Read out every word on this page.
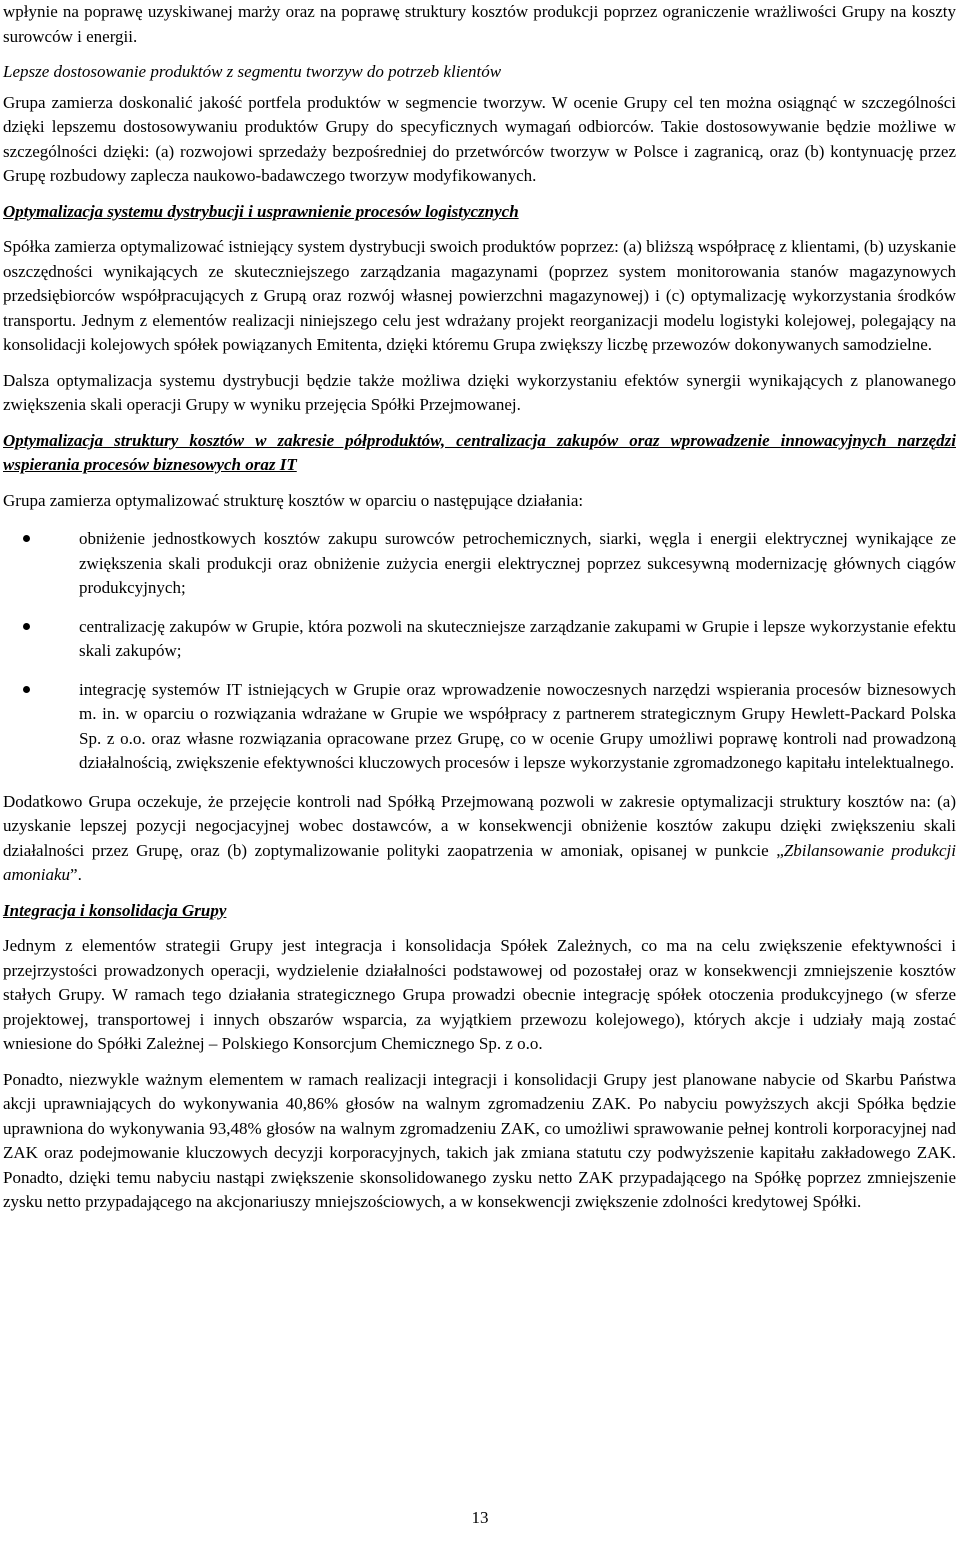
wpłynie na poprawę uzyskiwanej marży oraz na poprawę struktury kosztów produkcji poprzez ograniczenie wrażliwości Grupy na koszty surowców i energii.

Lepsze dostosowanie produktów z segmentu tworzyw do potrzeb klientów

Grupa zamierza doskonalić jakość portfela produktów w segmencie tworzyw. W ocenie Grupy cel ten można osiągnąć w szczególności dzięki lepszemu dostosowywaniu produktów Grupy do specyficznych wymagań odbiorców. Takie dostosowywanie będzie możliwe w szczególności dzięki: (a) rozwojowi sprzedaży bezpośredniej do przetwórców tworzyw w Polsce i zagranicą, oraz (b) kontynuację przez Grupę rozbudowy zaplecza naukowo-badawczego tworzyw modyfikowanych.

Optymalizacja systemu dystrybucji i usprawnienie procesów logistycznych

Spółka zamierza optymalizować istniejący system dystrybucji swoich produktów poprzez: (a) bliższą współpracę z klientami, (b) uzyskanie oszczędności wynikających ze skuteczniejszego zarządzania magazynami (poprzez system monitorowania stanów magazynowych przedsiębiorców współpracujących z Grupą oraz rozwój własnej powierzchni magazynowej) i (c) optymalizację wykorzystania środków transportu. Jednym z elementów realizacji niniejszego celu jest wdrażany projekt reorganizacji modelu logistyki kolejowej, polegający na konsolidacji kolejowych spółek powiązanych Emitenta, dzięki któremu Grupa zwiększy liczbę przewozów dokonywanych samodzielne.

Dalsza optymalizacja systemu dystrybucji będzie także możliwa dzięki wykorzystaniu efektów synergii wynikających z planowanego zwiększenia skali operacji Grupy w wyniku przejęcia Spółki Przejmowanej.

Optymalizacja struktury kosztów w zakresie półproduktów, centralizacja zakupów oraz wprowadzenie innowacyjnych narzędzi wspierania procesów biznesowych oraz IT

Grupa zamierza optymalizować strukturę kosztów w oparciu o następujące działania:

obniżenie jednostkowych kosztów zakupu surowców petrochemicznych, siarki, węgla i energii elektrycznej wynikające ze zwiększenia skali produkcji oraz obniżenie zużycia energii elektrycznej poprzez sukcesywną modernizację głównych ciągów produkcyjnych;

centralizację zakupów w Grupie, która pozwoli na skuteczniejsze zarządzanie zakupami w Grupie i lepsze wykorzystanie efektu skali zakupów;

integrację systemów IT istniejących w Grupie oraz wprowadzenie nowoczesnych narzędzi wspierania procesów biznesowych m. in. w oparciu o rozwiązania wdrażane w Grupie we współpracy z partnerem strategicznym Grupy Hewlett-Packard Polska Sp. z o.o. oraz własne rozwiązania opracowane przez Grupę, co w ocenie Grupy umożliwi poprawę kontroli nad prowadzoną działalnością, zwiększenie efektywności kluczowych procesów i lepsze wykorzystanie zgromadzonego kapitału intelektualnego.

Dodatkowo Grupa oczekuje, że przejęcie kontroli nad Spółką Przejmowaną pozwoli w zakresie optymalizacji struktury kosztów na: (a) uzyskanie lepszej pozycji negocjacyjnej wobec dostawców, a w konsekwencji obniżenie kosztów zakupu dzięki zwiększeniu skali działalności przez Grupę, oraz (b) zoptymalizowanie polityki zaopatrzenia w amoniak, opisanej w punkcie „Zbilansowanie produkcji amoniaku”.

Integracja i konsolidacja Grupy

Jednym z elementów strategii Grupy jest integracja i konsolidacja Spółek Zależnych, co ma na celu zwiększenie efektywności i przejrzystości prowadzonych operacji, wydzielenie działalności podstawowej od pozostałej oraz w konsekwencji zmniejszenie kosztów stałych Grupy. W ramach tego działania strategicznego Grupa prowadzi obecnie integrację spółek otoczenia produkcyjnego (w sferze projektowej, transportowej i innych obszarów wsparcia, za wyjątkiem przewozu kolejowego), których akcje i udziały mają zostać wniesione do Spółki Zależnej – Polskiego Konsorcjum Chemicznego Sp. z o.o.

Ponadto, niezwykle ważnym elementem w ramach realizacji integracji i konsolidacji Grupy jest planowane nabycie od Skarbu Państwa akcji uprawniających do wykonywania 40,86% głosów na walnym zgromadzeniu ZAK. Po nabyciu powyższych akcji Spółka będzie uprawniona do wykonywania 93,48% głosów na walnym zgromadzeniu ZAK, co umożliwi sprawowanie pełnej kontroli korporacyjnej nad ZAK oraz podejmowanie kluczowych decyzji korporacyjnych, takich jak zmiana statutu czy podwyższenie kapitału zakładowego ZAK. Ponadto, dzięki temu nabyciu nastąpi zwiększenie skonsolidowanego zysku netto ZAK przypadającego na Spółkę poprzez zmniejszenie zysku netto przypadającego na akcjonariuszy mniejszościowych, a w konsekwencji zwiększenie zdolności kredytowej Spółki.

13
